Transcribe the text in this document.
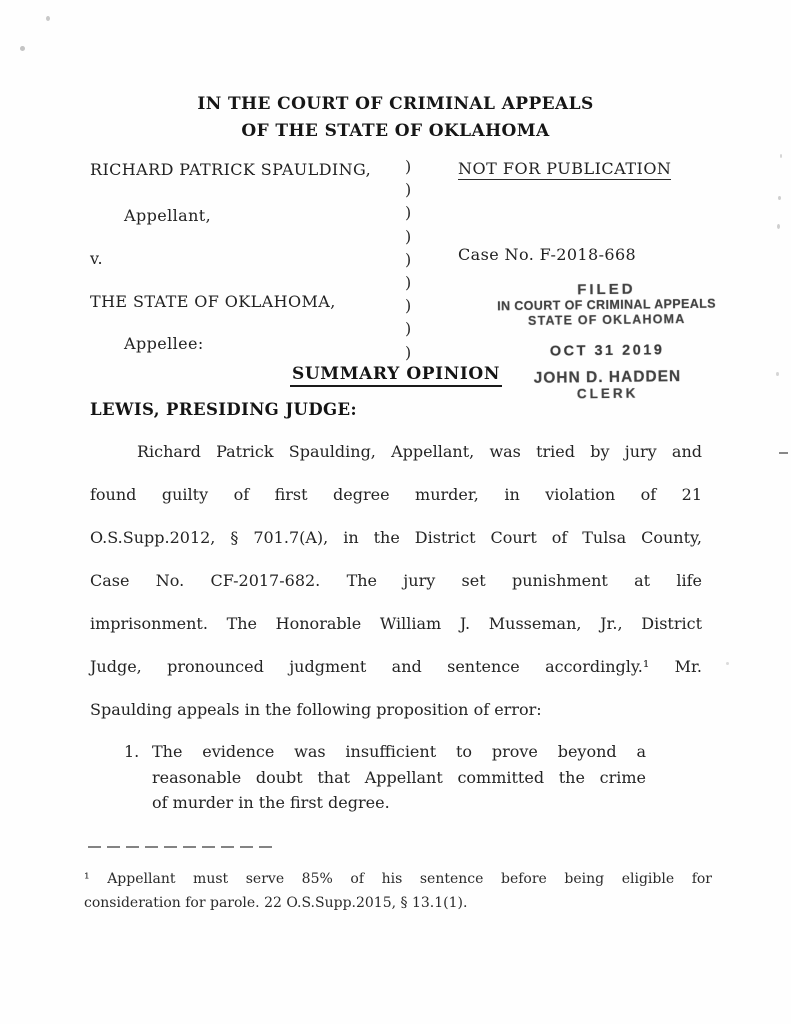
IN THE COURT OF CRIMINAL APPEALS
OF THE STATE OF OKLAHOMA
RICHARD PATRICK SPAULDING,
Appellant,
v.
THE STATE OF OKLAHOMA,
Appellee:
)
)
)
)
)
)
)
)
)
NOT FOR PUBLICATION
Case No. F-2018-668
FILED
IN COURT OF CRIMINAL APPEALS
STATE OF OKLAHOMA
OCT 31 2019
JOHN D. HADDEN
CLERK
SUMMARY OPINION
LEWIS, PRESIDING JUDGE:
Richard Patrick Spaulding, Appellant, was tried by jury and
found guilty of first degree murder, in violation of 21
O.S.Supp.2012, § 701.7(A), in the District Court of Tulsa County,
Case No. CF-2017-682. The jury set punishment at life
imprisonment. The Honorable William J. Musseman, Jr., District
Judge, pronounced judgment and sentence accordingly.¹ Mr.
Spaulding appeals in the following proposition of error:
1. The evidence was insufficient to prove beyond a
reasonable doubt that Appellant committed the crime
of murder in the first degree.
¹ Appellant must serve 85% of his sentence before being eligible for
consideration for parole. 22 O.S.Supp.2015, § 13.1(1).
